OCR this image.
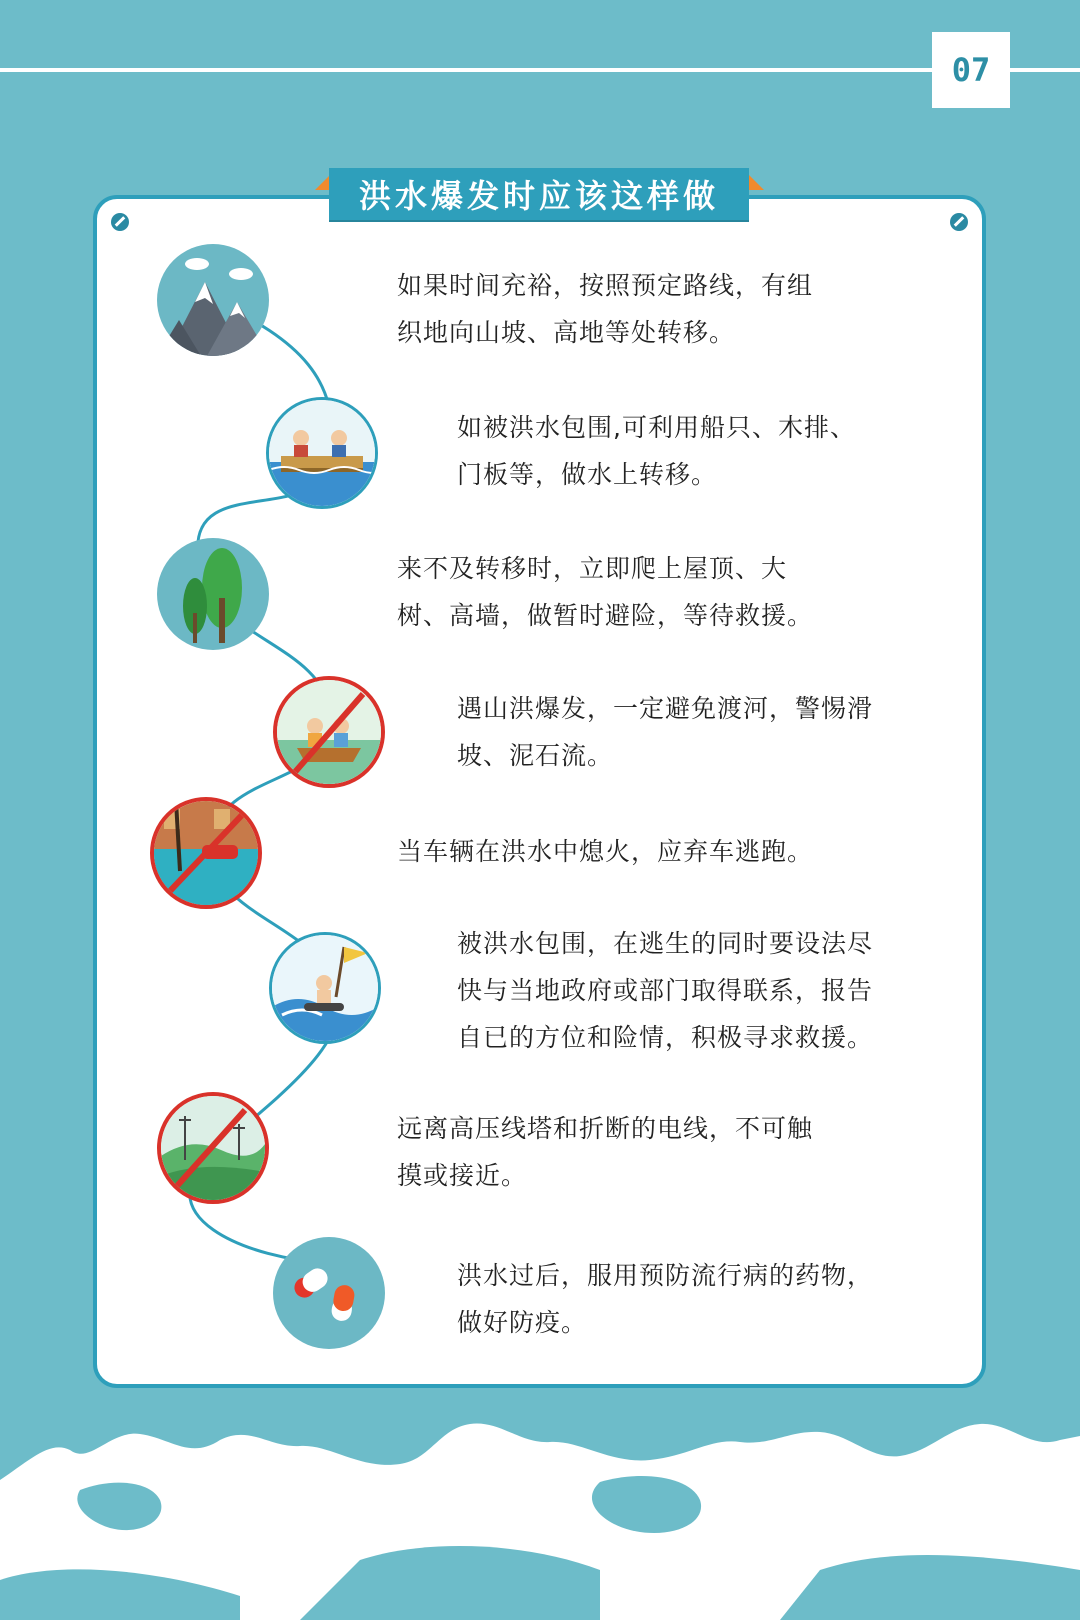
07
洪水爆发时应该这样做
如果时间充裕，按照预定路线，有组
织地向山坡、高地等处转移。
如被洪水包围,可利用船只、木排、
门板等，做水上转移。
来不及转移时，立即爬上屋顶、大
树、高墙，做暂时避险，等待救援。
遇山洪爆发，一定避免渡河，警惕滑
坡、泥石流。
当车辆在洪水中熄火，应弃车逃跑。
被洪水包围，在逃生的同时要设法尽
快与当地政府或部门取得联系，报告
自已的方位和险情，积极寻求救援。
远离高压线塔和折断的电线，不可触
摸或接近。
洪水过后，服用预防流行病的药物，
做好防疫。
